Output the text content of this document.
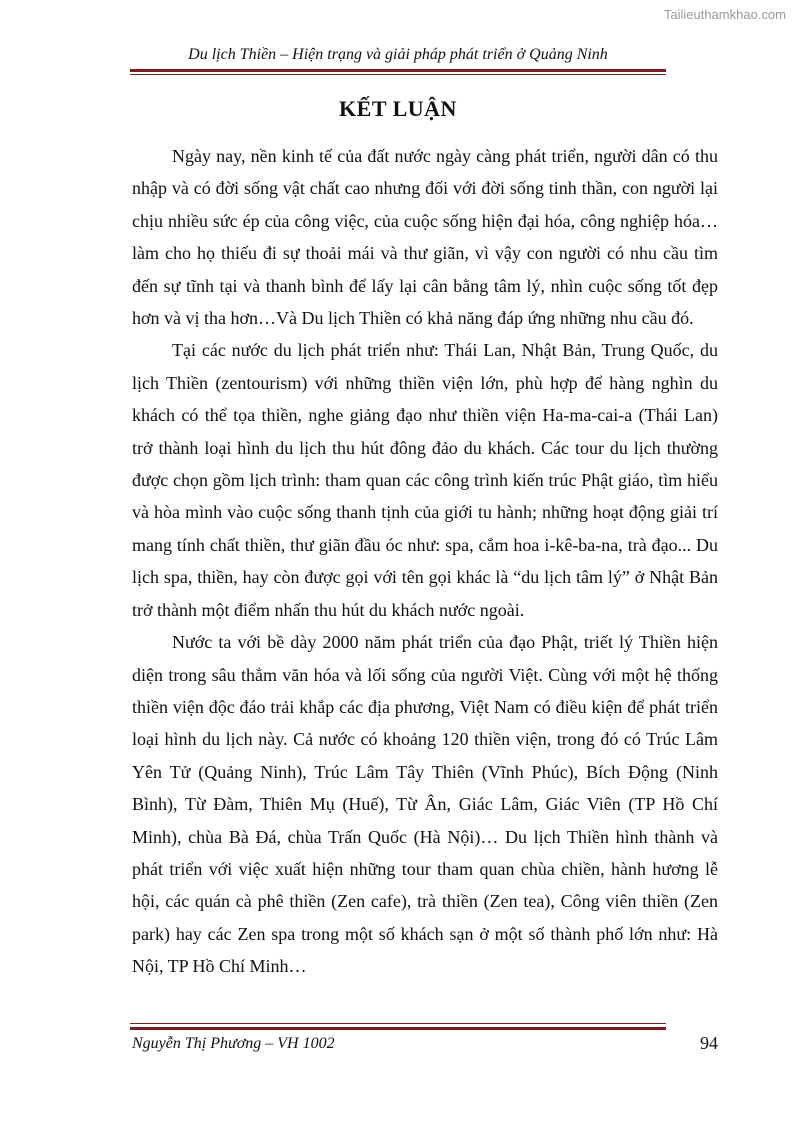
Tailieuthamkhao.com
Du lịch Thiền – Hiện trạng và giải pháp phát triển ở Quảng Ninh
KẾT LUẬN

Ngày nay, nền kinh tế của đất nước ngày càng phát triển, người dân có thu nhập và có đời sống vật chất cao nhưng đối với đời sống tinh thần, con người lại chịu nhiều sức ép của công việc, của cuộc sống hiện đại hóa, công nghiệp hóa… làm cho họ thiếu đi sự thoải mái và thư giãn, vì vậy con người có nhu cầu tìm đến sự tĩnh tại và thanh bình để lấy lại cân bằng tâm lý, nhìn cuộc sống tốt đẹp hơn và vị tha hơn…Và Du lịch Thiền có khả năng đáp ứng những nhu cầu đó.

Tại các nước du lịch phát triển như: Thái Lan, Nhật Bản, Trung Quốc, du lịch Thiền (zentourism) với những thiền viện lớn, phù hợp để hàng nghìn du khách có thể tọa thiền, nghe giảng đạo như thiền viện Ha-ma-cai-a (Thái Lan) trở thành loại hình du lịch thu hút đông đảo du khách. Các tour du lịch thường được chọn gồm lịch trình: tham quan các công trình kiến trúc Phật giáo, tìm hiểu và hòa mình vào cuộc sống thanh tịnh của giới tu hành; những hoạt động giải trí mang tính chất thiền, thư giãn đầu óc như: spa, cắm hoa i-kê-ba-na, trà đạo... Du lịch spa, thiền, hay còn được gọi với tên gọi khác là “du lịch tâm lý” ở Nhật Bản trở thành một điểm nhấn thu hút du khách nước ngoài.

Nước ta với bề dày 2000 năm phát triển của đạo Phật, triết lý Thiền hiện diện trong sâu thẳm văn hóa và lối sống của người Việt. Cùng với một hệ thống thiền viện độc đáo trải khắp các địa phương, Việt Nam có điều kiện để phát triển loại hình du lịch này. Cả nước có khoảng 120 thiền viện, trong đó có Trúc Lâm Yên Tử (Quảng Ninh), Trúc Lâm Tây Thiên (Vĩnh Phúc), Bích Động (Ninh Bình), Từ Đàm, Thiên Mụ (Huế), Từ Ân, Giác Lâm, Giác Viên (TP Hồ Chí Minh), chùa Bà Đá, chùa Trấn Quốc (Hà Nội)… Du lịch Thiền hình thành và phát triển với việc xuất hiện những tour tham quan chùa chiền, hành hương lễ hội, các quán cà phê thiền (Zen cafe), trà thiền (Zen tea), Công viên thiền (Zen park) hay các Zen spa trong một số khách sạn ở một số thành phố lớn như: Hà Nội, TP Hồ Chí Minh…

Nguyễn Thị Phương – VH 1002	94
